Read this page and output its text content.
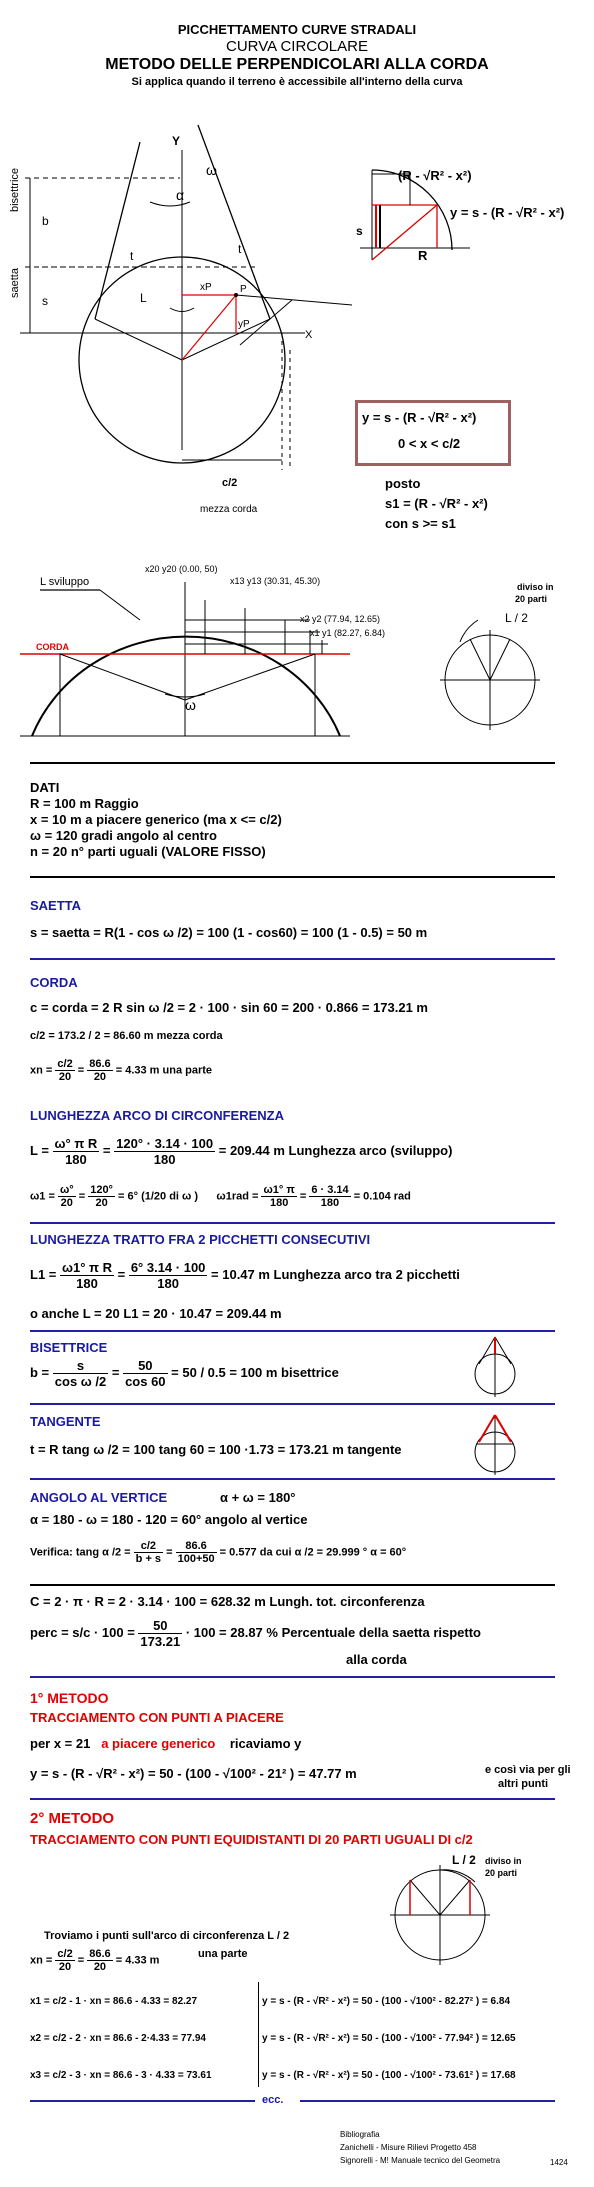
PICCHETTAMENTO CURVE STRADALI
CURVA CIRCOLARE
METODO DELLE PERPENDICOLARI ALLA CORDA
Si applica quando il terreno è accessibile all'interno della curva
Y
ω
α
bisettrice
saetta
b
s
t	t
L
xP	P
yP
X
c/2
mezza corda
s
R
(R - √R² - x²)
y = s - (R - √R² - x²)
y = s - (R - √R² - x²)
0 < x < c/2
posto
s1 = (R - √R² - x²)
con s >= s1
ω
L sviluppo
CORDA
x20 y20 (0.00, 50)
x13 y13 (30.31, 45.30)
x2 y2 (77.94, 12.65)
x1 y1 (82.27, 6.84)
diviso in
20 parti
L / 2
DATI
R = 100 m Raggio
x = 10 m a piacere generico (ma x <= c/2)
ω = 120 gradi angolo al centro
n = 20 n° parti uguali (VALORE FISSO)
SAETTA
s = saetta = R(1 - cos ω /2) = 100 (1 - cos60) = 100 (1 - 0.5) = 50 m
CORDA
c = corda = 2 R sin ω /2 = 2 · 100 · sin 60 = 200 · 0.866 = 173.21 m
c/2 = 173.2 / 2 = 86.60 m mezza corda
xn = $\frac{c/2}{20} = \frac{86.6}{20} = 4.33$ m una parte
LUNGHEZZA ARCO DI CIRCONFERENZA
$L = \frac{\text{ω° π R}}{180} = \frac{120^\circ \cdot 3.14 \cdot 100}{180} = 209.44$ m Lunghezza arco (sviluppo)
$\omega 1 = \frac{\omega^\circ}{20} = \frac{120^\circ}{20} = 6^\circ$ (1/20 di ω ) $\omega 1rad = \frac{\omega 1^\circ \pi}{180} = \frac{6 \cdot 3.14}{180} = 0.104$ rad
LUNGHEZZA TRATTO FRA 2 PICCHETTI CONSECUTIVI
$L1 = \frac{\text{ω1° π R}}{180} = \frac{6^\circ 3.14 \cdot 100}{180} = 10.47$ m Lunghezza arco tra 2 picchetti
o anche L = 20 L1 = 20 · 10.47 = 209.44 m
BISETTRICE
$b = \frac{s}{\text{cos ω /2}} = \frac{50}{\cos 60} = 50 / 0.5 = 100$ m bisettrice
TANGENTE
t = R tang ω /2 = 100 tang 60 = 100 ·1.73 = 173.21 m tangente
ANGOLO AL VERTICE	α + ω = 180°
α = 180 - ω = 180 - 120 = 60° angolo al vertice
Verifica: tang α $/2 = \frac{c/2}{b + s} = \frac{86.6}{100+50} = 0.577$ da cui α /2 = 29.999 ° α = 60°
C = 2 · π · R = 2 · 3.14 · 100 = 628.32 m Lungh. tot. circonferenza
perc = $s/c \cdot 100 = \frac{50}{173.21} \cdot 100 = 28.87$ % Percentuale della saetta rispetto
alla corda
1° METODO
TRACCIAMENTO CON PUNTI A PIACERE
per x = 21 a piacere generico ricaviamo y
y = s - (R - √R² - x²) = 50 - (100 - √100² - 21² ) = 47.77 m	e così via per gli
altri punti
2° METODO
TRACCIAMENTO CON PUNTI EQUIDISTANTI DI 20 PARTI UGUALI DI c/2
diviso in
20 parti
L / 2
Troviamo i punti sull'arco di circonferenza L / 2
xn = $\frac{c/2}{20} = \frac{86.6}{20} = 4.33$ m
una parte
x1 = c/2 - 1 · xn = 86.6 - 4.33 = 82.27	y = s - (R - √R² - x²) = 50 - (100 - √100² - 82.27² ) = 6.84
x2 = c/2 - 2 · xn = 86.6 - 2·4.33 = 77.94	y = s - (R - √R² - x²) = 50 - (100 - √100² - 77.94² ) = 12.65
x3 = c/2 - 3 · xn = 86.6 - 3 · 4.33 = 73.61	y = s - (R - √R² - x²) = 50 - (100 - √100² - 73.61² ) = 17.68
ecc.
Bibliografia
Zanichelli - Misure Rilievi Progetto 458
Signorelli - M! Manuale tecnico del Geometra	1424
